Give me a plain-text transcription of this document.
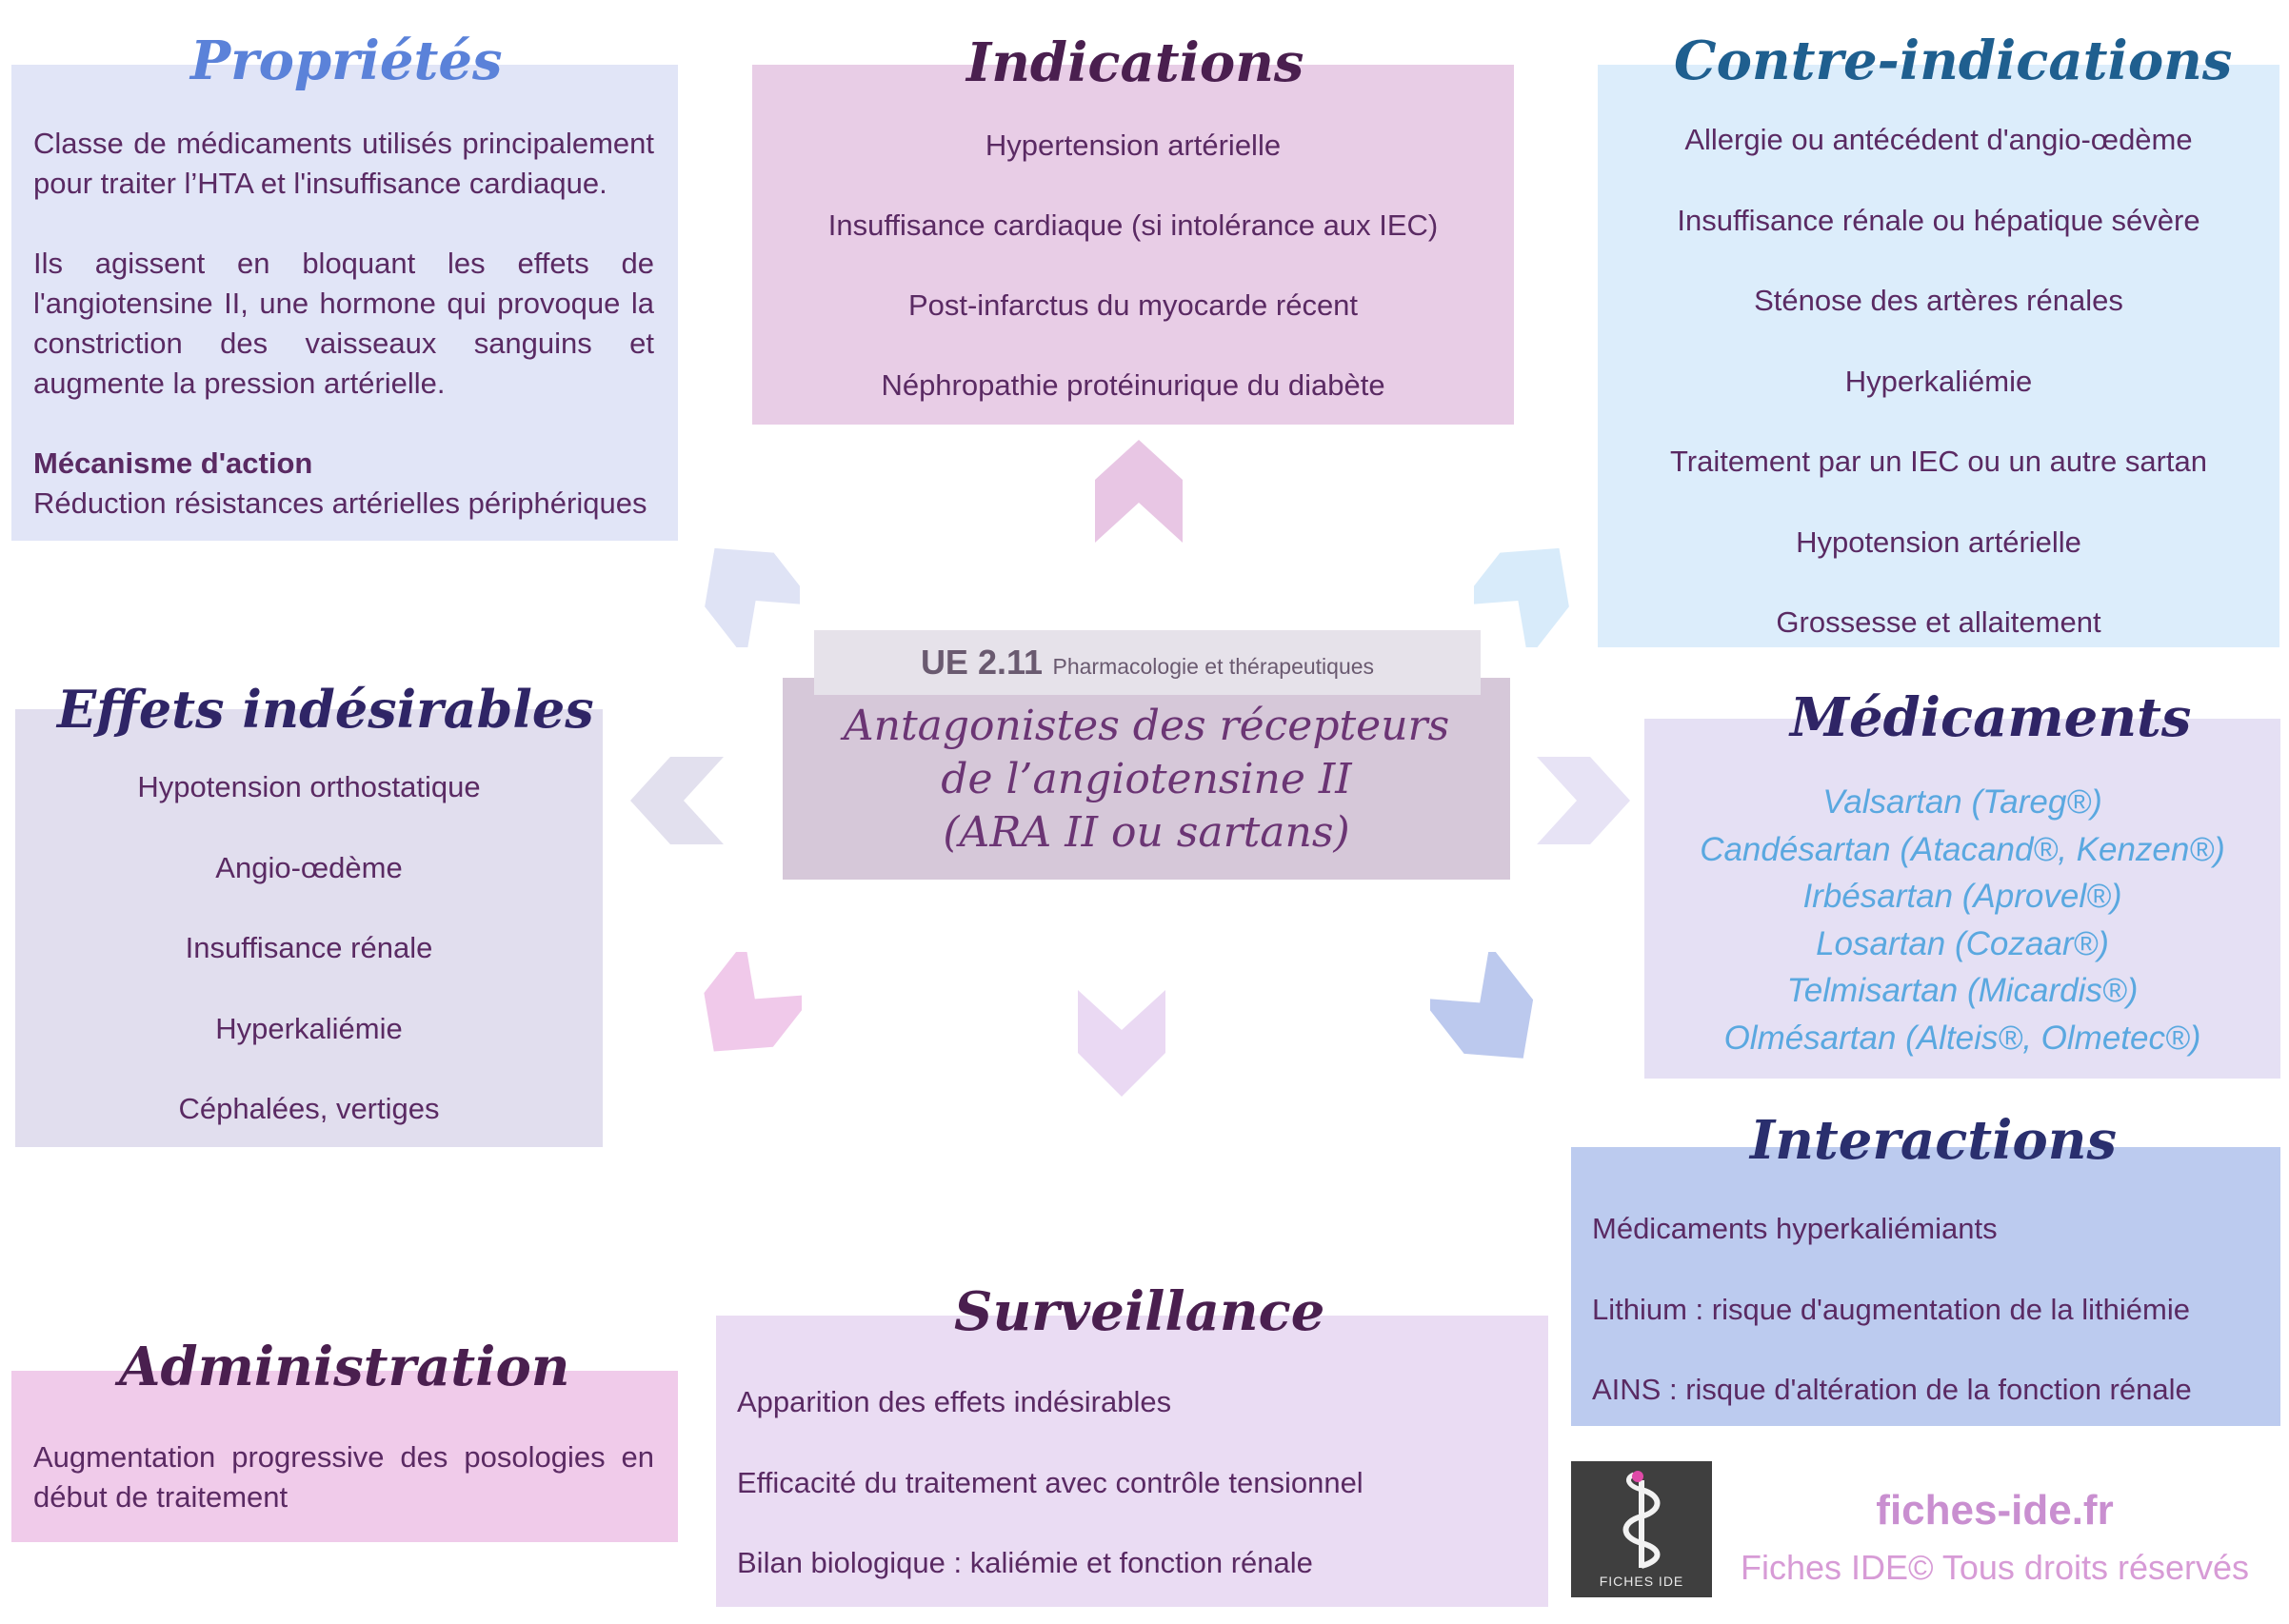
Propriétés
Classe de médicaments utilisés principalement pour traiter l’HTA et l'insuffisance cardiaque.
Ils agissent en bloquant les effets de l'angiotensine II, une hormone qui provoque la constriction des vaisseaux sanguins et augmente la pression artérielle.
Mécanisme d'action
Réduction résistances artérielles périphériques
Indications
Hypertension artérielle
Insuffisance cardiaque (si intolérance aux IEC)
Post-infarctus du myocarde récent
Néphropathie protéinurique du diabète
Contre-indications
Allergie ou antécédent d'angio-œdème
Insuffisance rénale ou hépatique sévère
Sténose des artères rénales
Hyperkaliémie
Traitement par un IEC ou un autre sartan
Hypotension artérielle
Grossesse et allaitement
UE 2.11 Pharmacologie et thérapeutiques
Antagonistes des récepteurs
de l’angiotensine II
(ARA II ou sartans)
Effets indésirables
Hypotension orthostatique
Angio-œdème
Insuffisance rénale
Hyperkaliémie
Céphalées, vertiges
Médicaments
Valsartan (Tareg®)
Candésartan (Atacand®, Kenzen®)
Irbésartan (Aprovel®)
Losartan (Cozaar®)
Telmisartan (Micardis®)
Olmésartan (Alteis®, Olmetec®)
Interactions
Médicaments hyperkaliémiants
Lithium : risque d'augmentation de la lithiémie
AINS : risque d'altération de la fonction rénale
Administration
Augmentation progressive des posologies en début de traitement
Surveillance
Apparition des effets indésirables
Efficacité du traitement avec contrôle tensionnel
Bilan biologique : kaliémie et fonction rénale
FICHES IDE
fiches-ide.fr
Fiches IDE© Tous droits réservés
